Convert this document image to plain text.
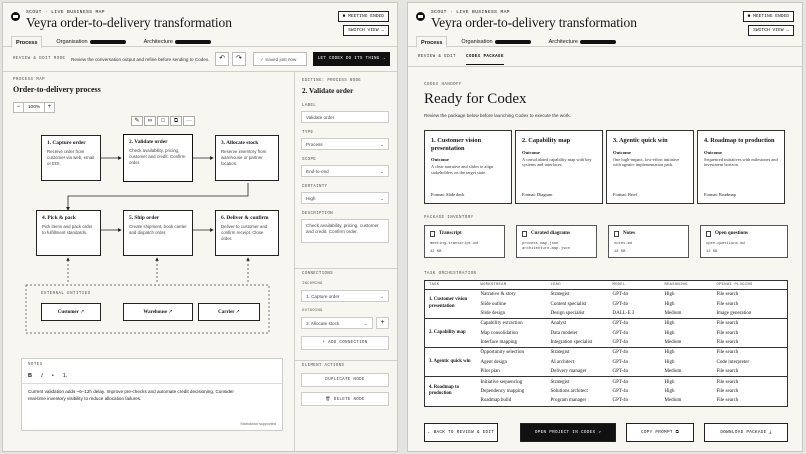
SCOUT · LIVE BUSINESS MAP
Veyra order-to-delivery transformation	■ MEETING ENDED
SWITCH VIEW →
Process	Organisation	Architecture
REVIEW & EDIT MODE Review the conversation output and refine before sending to Codex.	↶	↷	✓ Saved just now	LET CODEX DO ITS THING →
PROCESS MAP
Order-to-delivery process
−	100%	+
✎	∞	□	⧉	···
1. Capture order
Receive order from customer via web, email or EDI.
2. Validate order
Check availability, pricing, customer and credit. Confirm order.
3. Allocate stock
Reserve inventory from warehouse or partner location.
4. Pick & pack
Pick items and pack order to fulfillment standards.
5. Ship order
Create shipment, book carrier and dispatch order.
6. Deliver & confirm
Deliver to customer and confirm receipt. Close order.
EXTERNAL ENTITIES
Customer ↗	Warehouse ↗	Carrier ↗
NOTES
B I • 1.
Current validation adds ~6–12h delay. Improve pre-checks and automate credit decisioning. Consider real-time inventory visibility to reduce allocation failures.
Markdown supported
EDITING: PROCESS NODE
2. Validate order
LABEL
Validate order
TYPE
Process	⌄
SCOPE
End-to-end	⌄
CERTAINTY
High	⌄
DESCRIPTION
Check availability, pricing, customer and credit. Confirm order.
CONNECTIONS
INCOMING
1. Capture order	→
OUTGOING
3. Allocate stock	→	+
+ ADD CONNECTION
ELEMENT ACTIONS
DUPLICATE NODE
🗑 DELETE NODE
SCOUT · LIVE BUSINESS MAP
Veyra order-to-delivery transformation	■ MEETING ENDED
SWITCH VIEW →
Process	Organisation	Architecture
REVIEW & EDIT CODEX PACKAGE
CODEX HANDOFF
Ready for Codex
Review the package below before launching Codex to execute the work.
1. Customer vision presentation
Outcome
A clear narrative and slides to align stakeholders on the target state.
Format: Slide deck
2. Capability map
Outcome
A consolidated capability map with key systems and interfaces.
Format: Diagram
3. Agentic quick win
Outcome
One high-impact, low-effort initiative with agentic implementation path.
Format: Brief
4. Roadmap to production
Outcome
Sequenced initiatives with milestones and investment horizon.
Format: Roadmap
PACKAGE INVENTORY
Transcript
meeting-transcript.md
42 KB
Curated diagrams
process-map.json
architecture-map.json
Notes
notes.md
18 KB
Open questions
open-questions.md
12 KB
TASK ORCHESTRATION
TASK	WORKSTREAM	LEAD	MODEL	REASONING	OPENAI PLUGINS
1. Customer vision presentation	Narrative & story	Strategist	GPT-4o	High	File search
	Slide outline	Content specialist	GPT-4o	High	File search
	Slide design	Design specialist	DALL·E 3	Medium	Image generation
2. Capability map	Capability extraction	Analyst	GPT-4o	High	File search
	Map consolidation	Data modeler	GPT-4o	High	File search
	Interface mapping	Integration specialist	GPT-4o	Medium	File search
3. Agentic quick win	Opportunity selection	Strategist	GPT-4o	High	File search
	Agent design	AI architect	GPT-4o	High	Code interpreter
	Pilot plan	Delivery manager	GPT-4o	Medium	File search
4. Roadmap to production	Initiative sequencing	Strategist	GPT-4o	High	File search
	Dependency mapping	Solutions architect	GPT-4o	High	File search
	Roadmap build	Program manager	GPT-4o	Medium	File search
← BACK TO REVIEW & EDIT	OPEN PROJECT IN CODEX ↗	COPY PROMPT ⧉	DOWNLOAD PACKAGE ⤓
